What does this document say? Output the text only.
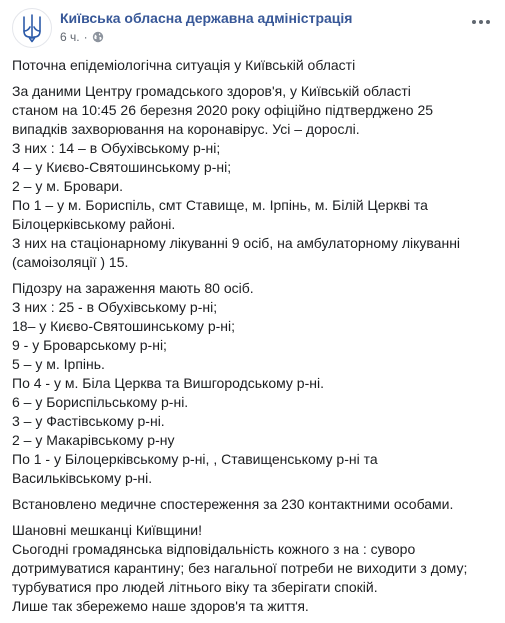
Київська обласна державна адміністрація
6 ч. ·
Поточна епідеміологічна ситуація у Київській області
За даними Центру громадського здоров'я, у Київській області
станом на 10:45 26 березня 2020 року офіційно підтверджено 25
випадків захворювання на коронавірус. Усі – дорослі.
З них : 14 – в Обухівському р-ні;
4 – у Києво-Святошинському р-ні;
2 – у м. Бровари.
По 1 – у м. Бориспіль, смт Ставище, м. Ірпінь, м. Білій Церкві та
Білоцерківському районі.
З них на стаціонарному лікуванні 9 осіб, на амбулаторному лікуванні
(самоізоляції ) 15.
Підозру на зараження мають 80 осіб.
З них : 25 - в Обухівському р-ні;
18– у Києво-Святошинському р-ні;
9 - у Броварському р-ні;
5 – у м. Ірпінь.
По 4 - у м. Біла Церква та Вишгородському р-ні.
6 – у Бориспільському р-ні.
3 – у Фастівському р-ні.
2 – у Макарівському р-ну
По 1 - у Білоцерківському р-ні, , Ставищенському р-ні та
Васильківському р-ні.
Встановлено медичне спостереження за 230 контактними особами.
Шановні мешканці Київщини!
Сьогодні громадянська відповідальність кожного з на : суворо
дотримуватися карантину; без нагальної потреби не виходити з дому;
турбуватися про людей літнього віку та зберігати спокій.
Лише так збережемо наше здоров'я та життя.
